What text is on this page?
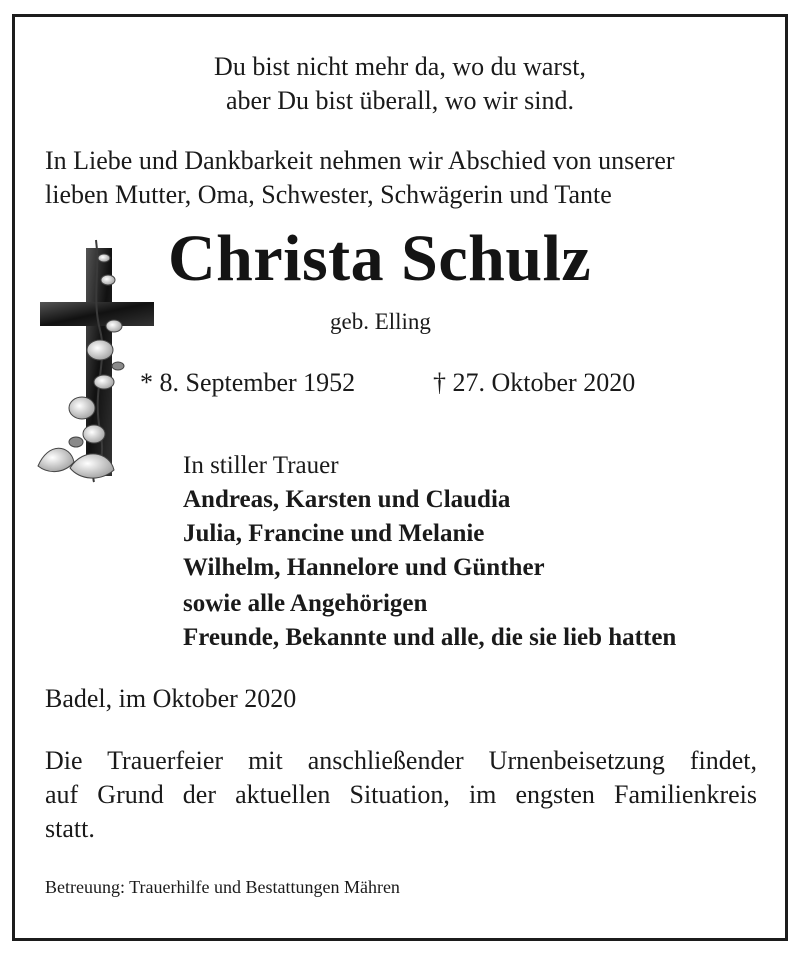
Du bist nicht mehr da, wo du warst,
aber Du bist überall, wo wir sind.
In Liebe und Dankbarkeit nehmen wir Abschied von unserer
lieben Mutter, Oma, Schwester, Schwägerin und Tante
Christa Schulz
geb. Elling
* 8. September 1952	† 27. Oktober 2020
In stiller Trauer
Andreas, Karsten und Claudia
Julia, Francine und Melanie
Wilhelm, Hannelore und Günther
sowie alle Angehörigen
Freunde, Bekannte und alle, die sie lieb hatten
Badel, im Oktober 2020
Die Trauerfeier mit anschließender Urnenbeisetzung findet,
auf Grund der aktuellen Situation, im engsten Familienkreis
statt.
Betreuung: Trauerhilfe und Bestattungen Mähren
